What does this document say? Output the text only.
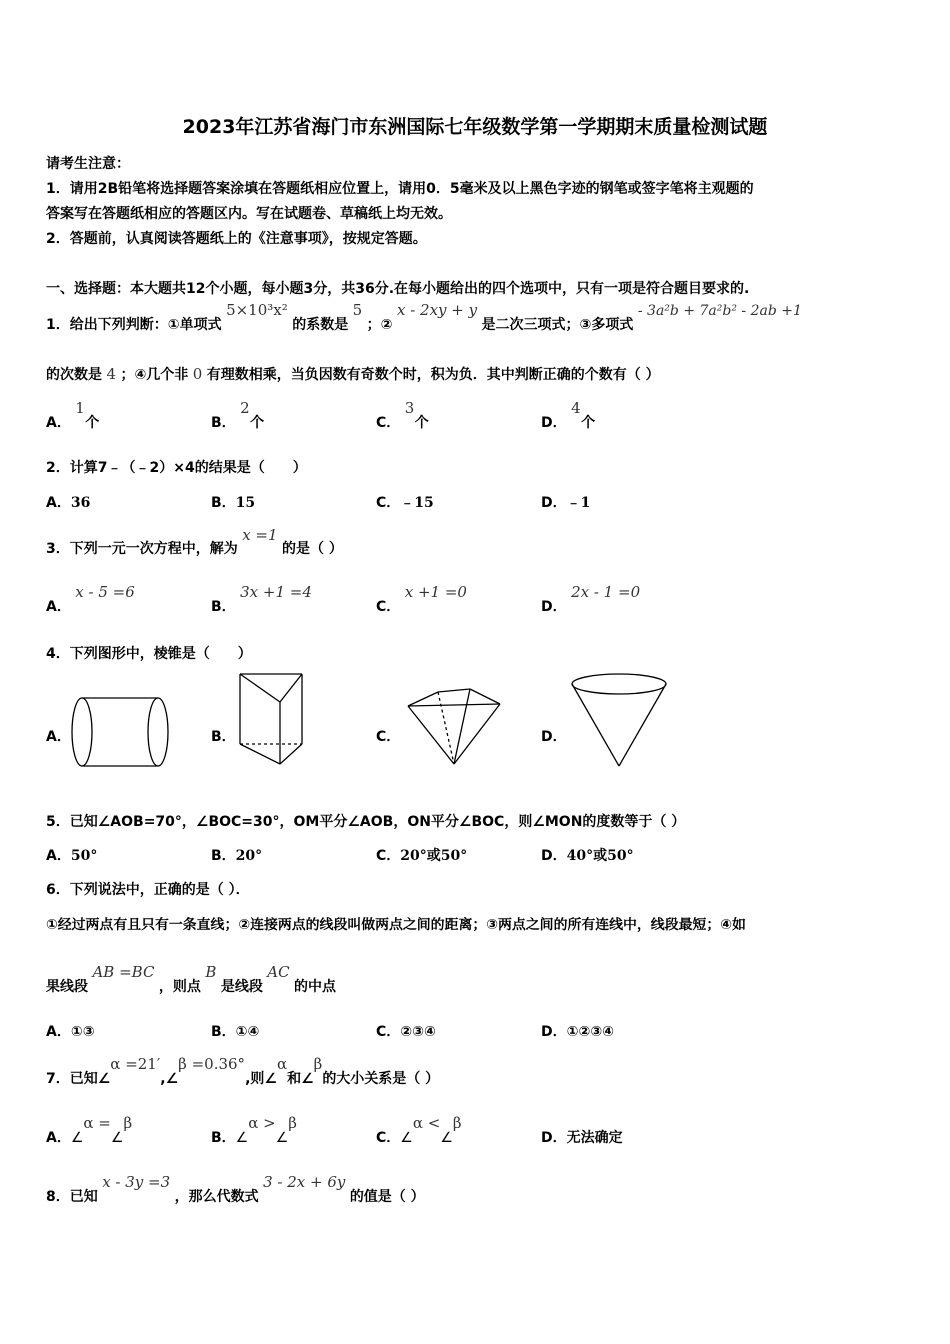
2023年江苏省海门市东洲国际七年级数学第一学期期末质量检测试题
请考生注意：
1．请用2B铅笔将选择题答案涂填在答题纸相应位置上，请用0．5毫米及以上黑色字迹的钢笔或签字笔将主观题的
答案写在答题纸相应的答题区内。写在试题卷、草稿纸上均无效。
2．答题前，认真阅读答题纸上的《注意事项》，按规定答题。
一、选择题：本大题共12个小题，每小题3分，共36分.在每小题给出的四个选项中，只有一项是符合题目要求的.
1．给出下列判断：①单项式 5×10³x² 的系数是 5 ；② x - 2xy + y 是二次三项式；③多项式 - 3a²b + 7a²b² - 2ab +1
的次数是 4 ；④几个非 0 有理数相乘，当负因数有奇数个时，积为负．其中判断正确的个数有（ ）
A． 1 个	B． 2 个	C． 3 个	D． 4 个
2．计算7﹣（﹣2）×4的结果是（　　）
A．36	B．15	C．﹣15	D．﹣1
3．下列一元一次方程中，解为 x =1 的是（ ）
A． x - 5 =6
B． 3x +1 =4
C． x +1 =0
D． 2x - 1 =0
4．下列图形中，棱锥是（　　）
A．	B．	C．	D．
5．已知∠AOB=70°，∠BOC=30°，OM平分∠AOB，ON平分∠BOC，则∠MON的度数等于（ ）
A．50°	B．20°	C．20°或50°	D．40°或50°
6．下列说法中，正确的是（ ）．
①经过两点有且只有一条直线；②连接两点的线段叫做两点之间的距离；③两点之间的所有连线中，线段最短；④如
果线段 AB =BC ，则点 B 是线段 AC 的中点
A．①③	B．①④	C．②③④	D．①②③④
7．已知∠α =21′,∠β =0.36°,则∠α和∠β的大小关系是（ ）
A．∠α =∠β
B．∠α >∠β
C．∠α <∠β
D．无法确定
8．已知 x - 3y =3 ，那么代数式 3 - 2x + 6y 的值是（ ）
